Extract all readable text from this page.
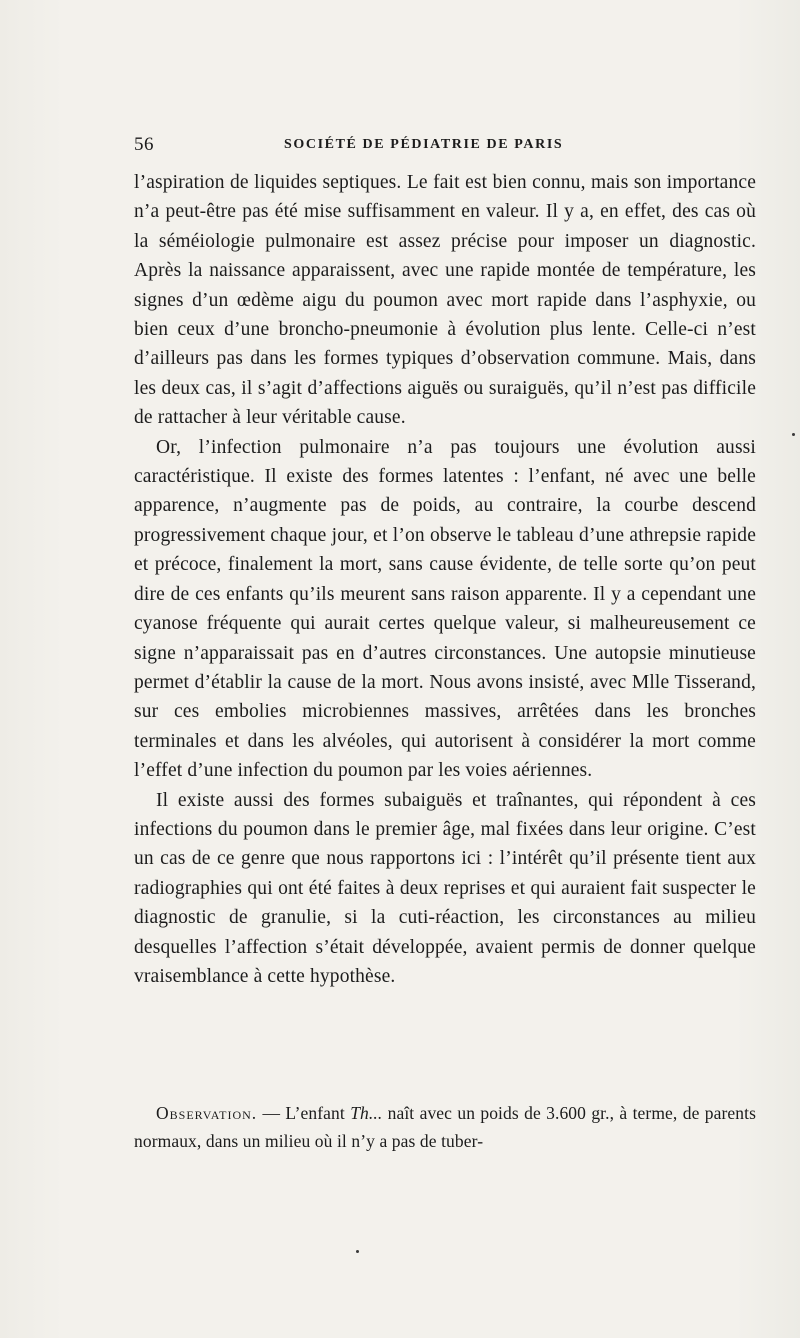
56	SOCIÉTÉ DE PÉDIATRIE DE PARIS

l’aspiration de liquides septiques. Le fait est bien connu, mais son importance n’a peut-être pas été mise suffisamment en valeur. Il y a, en effet, des cas où la séméiologie pulmonaire est assez précise pour imposer un diagnostic. Après la naissance apparaissent, avec une rapide montée de température, les signes d’un œdème aigu du poumon avec mort rapide dans l’asphyxie, ou bien ceux d’une broncho-pneumonie à évolution plus lente. Celle-ci n’est d’ailleurs pas dans les formes typiques d’observation commune. Mais, dans les deux cas, il s’agit d’affections aiguës ou suraiguës, qu’il n’est pas difficile de rattacher à leur véritable cause.

Or, l’infection pulmonaire n’a pas toujours une évolution aussi caractéristique. Il existe des formes latentes : l’enfant, né avec une belle apparence, n’augmente pas de poids, au contraire, la courbe descend progressivement chaque jour, et l’on observe le tableau d’une athrepsie rapide et précoce, finalement la mort, sans cause évidente, de telle sorte qu’on peut dire de ces enfants qu’ils meurent sans raison apparente. Il y a cependant une cyanose fréquente qui aurait certes quelque valeur, si malheureusement ce signe n’apparaissait pas en d’autres circonstances. Une autopsie minutieuse permet d’établir la cause de la mort. Nous avons insisté, avec Mlle Tisserand, sur ces embolies microbiennes massives, arrêtées dans les bronches terminales et dans les alvéoles, qui autorisent à considérer la mort comme l’effet d’une infection du poumon par les voies aériennes.

Il existe aussi des formes subaiguës et traînantes, qui répondent à ces infections du poumon dans le premier âge, mal fixées dans leur origine. C’est un cas de ce genre que nous rapportons ici : l’intérêt qu’il présente tient aux radiographies qui ont été faites à deux reprises et qui auraient fait suspecter le diagnostic de granulie, si la cuti-réaction, les circonstances au milieu desquelles l’affection s’était développée, avaient permis de donner quelque vraisemblance à cette hypothèse.

Observation. — L’enfant Th... naît avec un poids de 3.600 gr., à terme, de parents normaux, dans un milieu où il n’y a pas de tuber-
